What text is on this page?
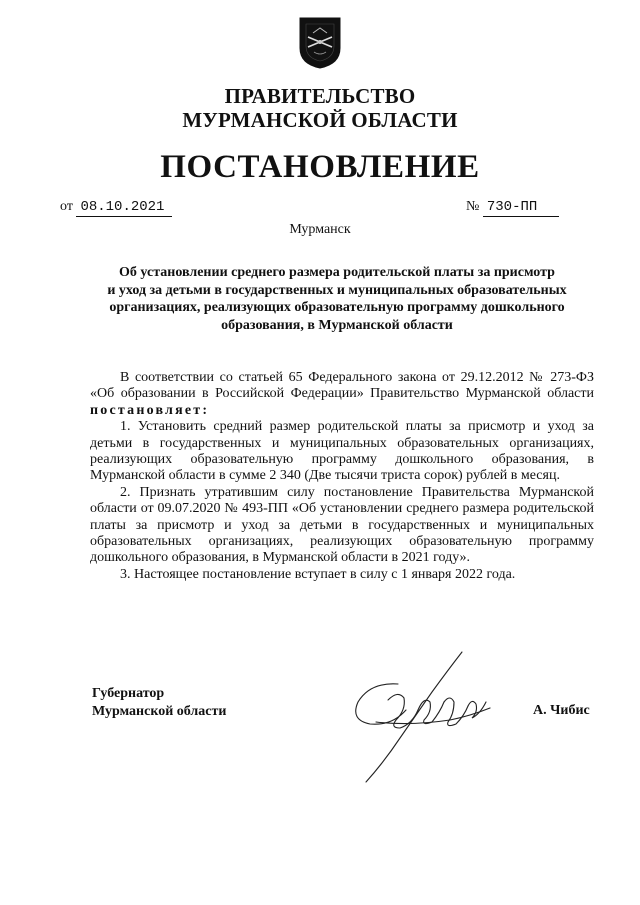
ПРАВИТЕЛЬСТВО
МУРМАНСКОЙ ОБЛАСТИ
ПОСТАНОВЛЕНИЕ
от 08.10.2021	№ 730-ПП
Мурманск
Об установлении среднего размера родительской платы за присмотр
и уход за детьми в государственных и муниципальных образовательных
организациях, реализующих образовательную программу дошкольного
образования, в Мурманской области

В соответствии со статьей 65 Федерального закона от 29.12.2012 № 273-ФЗ «Об образовании в Российской Федерации» Правительство Мурманской области постановляет:

1. Установить средний размер родительской платы за присмотр и уход за детьми в государственных и муниципальных образовательных организациях, реализующих образовательную программу дошкольного образования, в Мурманской области в сумме 2 340 (Две тысячи триста сорок) рублей в месяц.

2. Признать утратившим силу постановление Правительства Мурманской области от 09.07.2020 № 493-ПП «Об установлении среднего размера родительской платы за присмотр и уход за детьми в государственных и муниципальных образовательных организациях, реализующих образовательную программу дошкольного образования, в Мурманской области в 2021 году».

3. Настоящее постановление вступает в силу с 1 января 2022 года.

Губернатор
Мурманской области	А. Чибис
